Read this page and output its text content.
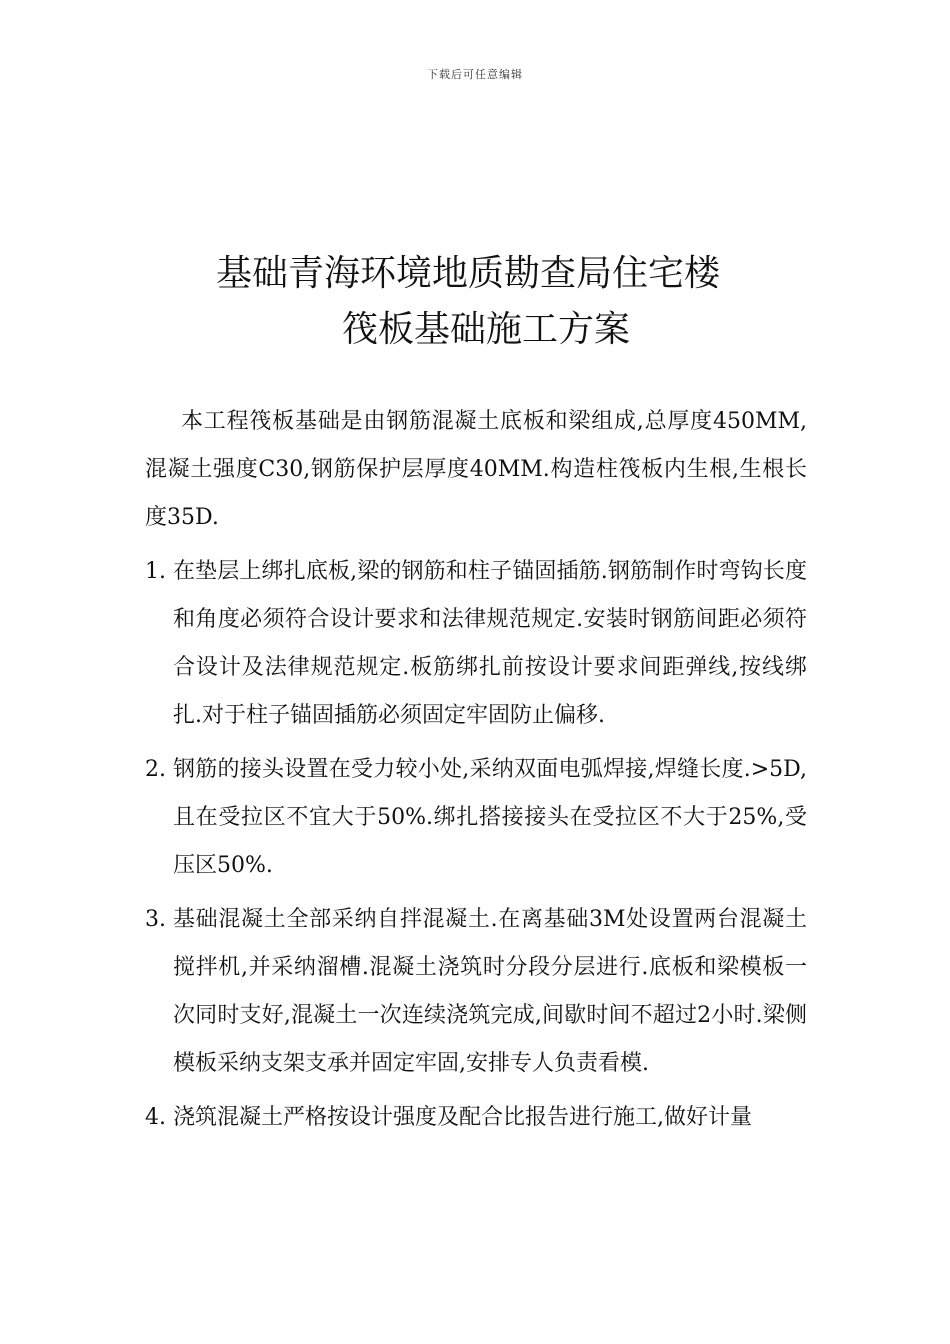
下载后可任意编辑
基础青海环境地质勘查局住宅楼
筏板基础施工方案

本工程筏板基础是由钢筋混凝土底板和梁组成,总厚度450MM,混凝土强度C30,钢筋保护层厚度40MM.构造柱筏板内生根,生根长度35D.

1. 在垫层上绑扎底板,梁的钢筋和柱子锚固插筋.钢筋制作时弯钩长度和角度必须符合设计要求和法律规范规定.安装时钢筋间距必须符合设计及法律规范规定.板筋绑扎前按设计要求间距弹线,按线绑扎.对于柱子锚固插筋必须固定牢固防止偏移.
2. 钢筋的接头设置在受力较小处,采纳双面电弧焊接,焊缝长度.>5D,且在受拉区不宜大于50%.绑扎搭接接头在受拉区不大于25%,受压区50%.
3. 基础混凝土全部采纳自拌混凝土.在离基础3M处设置两台混凝土搅拌机,并采纳溜槽.混凝土浇筑时分段分层进行.底板和梁模板一次同时支好,混凝土一次连续浇筑完成,间歇时间不超过2小时.梁侧模板采纳支架支承并固定牢固,安排专人负责看模.
4. 浇筑混凝土严格按设计强度及配合比报告进行施工,做好计量
